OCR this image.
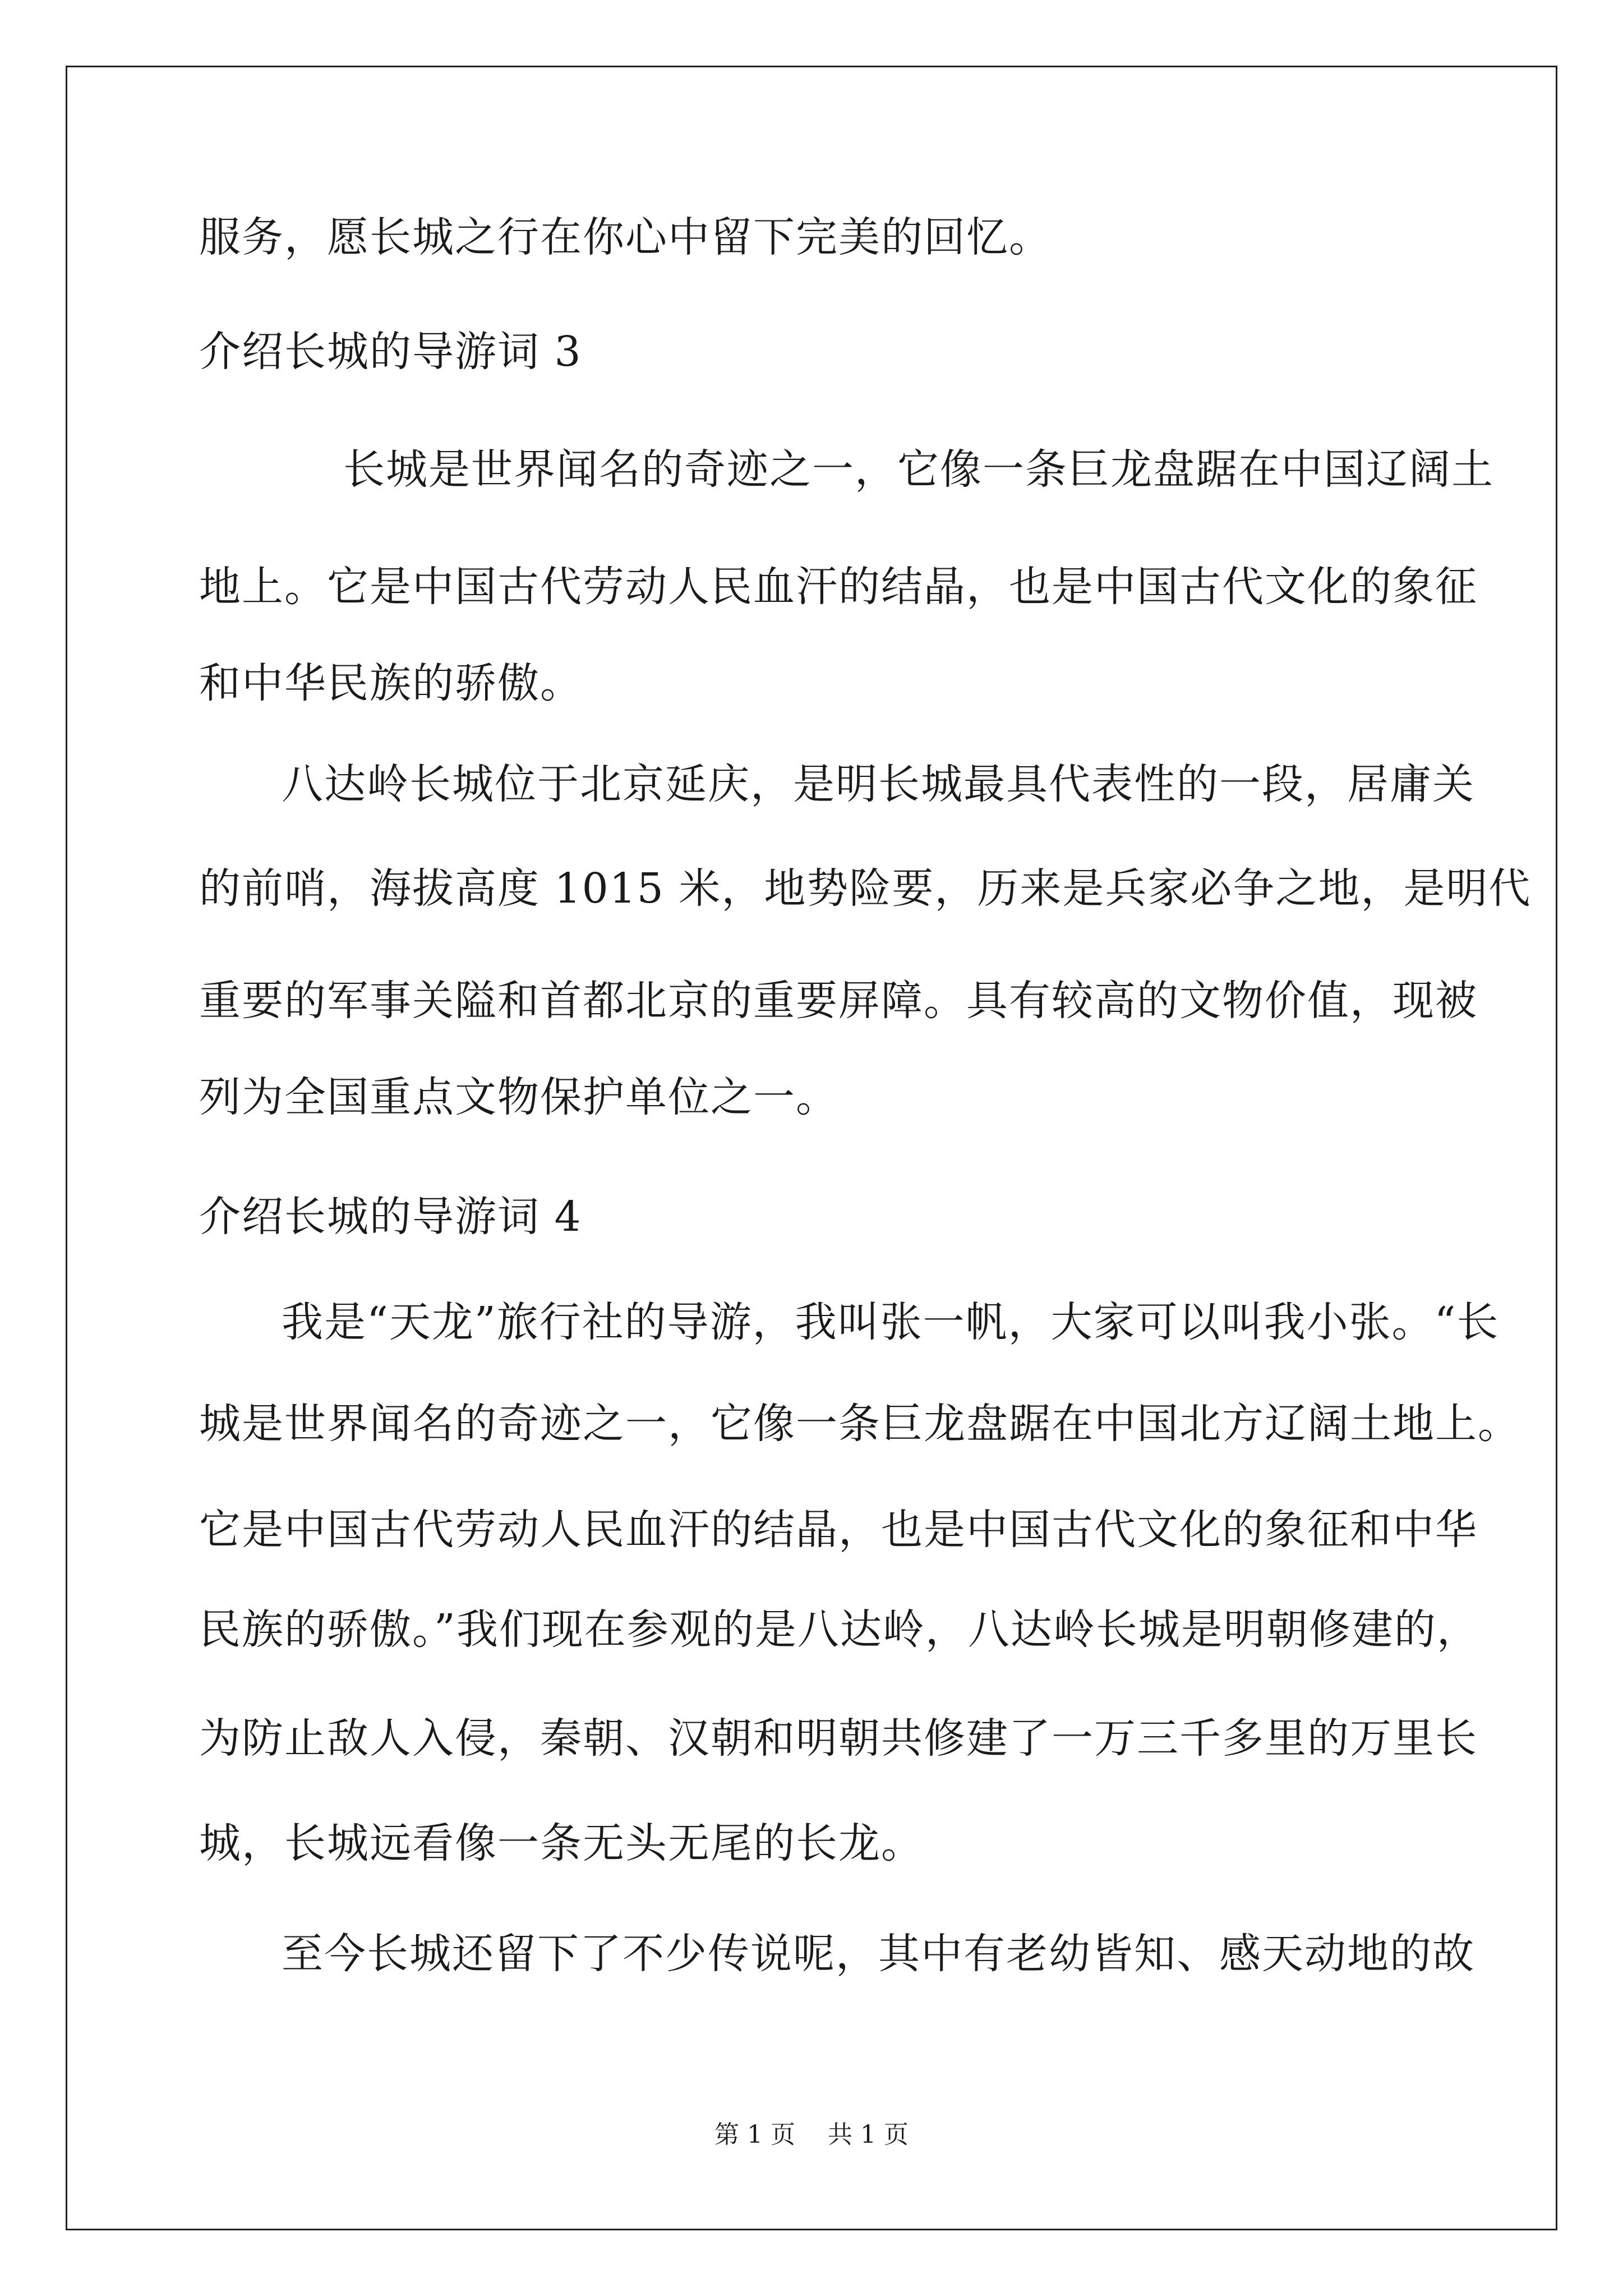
服务，愿长城之行在你心中留下完美的回忆。
介绍长城的导游词 3
长城是世界闻名的奇迹之一，它像一条巨龙盘踞在中国辽阔土
地上。它是中国古代劳动人民血汗的结晶，也是中国古代文化的象征
和中华民族的骄傲。
八达岭长城位于北京延庆，是明长城最具代表性的一段，居庸关
的前哨，海拔高度 1015 米，地势险要，历来是兵家必争之地，是明代
重要的军事关隘和首都北京的重要屏障。具有较高的文物价值，现被
列为全国重点文物保护单位之一。
介绍长城的导游词 4
我是“天龙”旅行社的导游，我叫张一帆，大家可以叫我小张。“长
城是世界闻名的奇迹之一，它像一条巨龙盘踞在中国北方辽阔土地上。
它是中国古代劳动人民血汗的结晶，也是中国古代文化的象征和中华
民族的骄傲。”我们现在参观的是八达岭，八达岭长城是明朝修建的，
为防止敌人入侵，秦朝、汉朝和明朝共修建了一万三千多里的万里长
城，长城远看像一条无头无尾的长龙。
至今长城还留下了不少传说呢，其中有老幼皆知、感天动地的故
第 1 页 共 1 页
